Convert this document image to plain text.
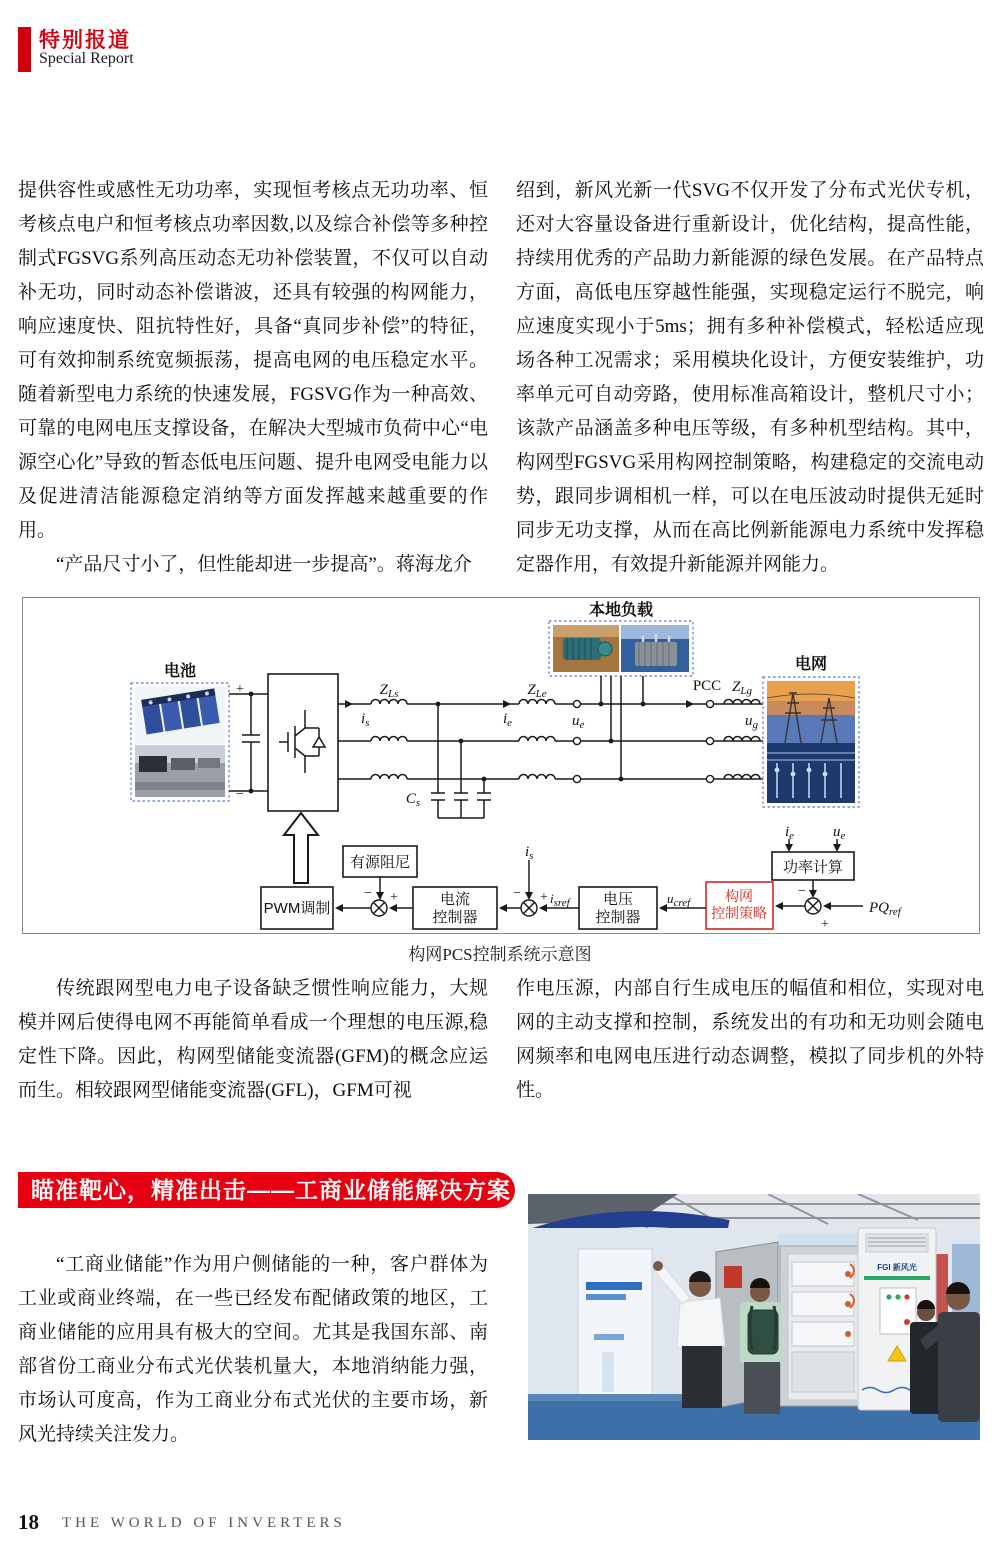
特别报道
Special Report

提供容性或感性无功功率，实现恒考核点无功功率、恒考核点电户和恒考核点功率因数,以及综合补偿等多种控制式FGSVG系列高压动态无功补偿装置，不仅可以自动补无功，同时动态补偿谐波，还具有较强的构网能力，响应速度快、阻抗特性好，具备“真同步补偿”的特征，可有效抑制系统宽频振荡，提高电网的电压稳定水平。随着新型电力系统的快速发展，FGSVG作为一种高效、可靠的电网电压支撑设备，在解决大型城市负荷中心“电源空心化”导致的暂态低电压问题、提升电网受电能力以及促进清洁能源稳定消纳等方面发挥越来越重要的作用。

“产品尺寸小了，但性能却进一步提高”。蒋海龙介

绍到，新风光新一代SVG不仅开发了分布式光伏专机，还对大容量设备进行重新设计，优化结构，提高性能，持续用优秀的产品助力新能源的绿色发展。在产品特点方面，高低电压穿越性能强，实现稳定运行不脱完，响应速度实现小于5ms；拥有多种补偿模式，轻松适应现场各种工况需求；采用模块化设计，方便安装维护，功率单元可自动旁路，使用标准高箱设计，整机尺寸小；该款产品涵盖多种电压等级，有多种机型结构。其中，构网型FGSVG采用构网控制策略，构建稳定的交流电动势，跟同步调相机一样，可以在电压波动时提供无延时同步无功支撑，从而在高比例新能源电力系统中发挥稳定器作用，有效提升新能源并网能力。

电池
+
−	$C_s$
本地负载
$Z_{Ls}$	$Z_{Le}$	$Z_{Lg}$
$i_s$	$i_e$	$u_e$
PCC
$u_g$
电网
有源阻尼
PWM调制
电流
控制器
电压
控制器
构网
控制策略
功率计算
− +
$i_s$
− + $i_{sref}$	$u_{cref}$
−
$PQ_{ref}$
+
$i_e$	$u_e$
构网PCS控制系统示意图

传统跟网型电力电子设备缺乏惯性响应能力，大规模并网后使得电网不再能简单看成一个理想的电压源,稳定性下降。因此，构网型储能变流器(GFM)的概念应运而生。相较跟网型储能变流器(GFL)，GFM可视

作电压源，内部自行生成电压的幅值和相位，实现对电网的主动支撑和控制，系统发出的有功和无功则会随电网频率和电网电压进行动态调整，模拟了同步机的外特性。

瞄准靶心，精准出击——工商业储能解决方案

“工商业储能”作为用户侧储能的一种，客户群体为工业或商业终端，在一些已经发布配储政策的地区，工商业储能的应用具有极大的空间。尤其是我国东部、南部省份工商业分布式光伏装机量大，本地消纳能力强，市场认可度高，作为工商业分布式光伏的主要市场，新风光持续关注发力。

FGI 新风光
18 THE WORLD OF INVERTERS
